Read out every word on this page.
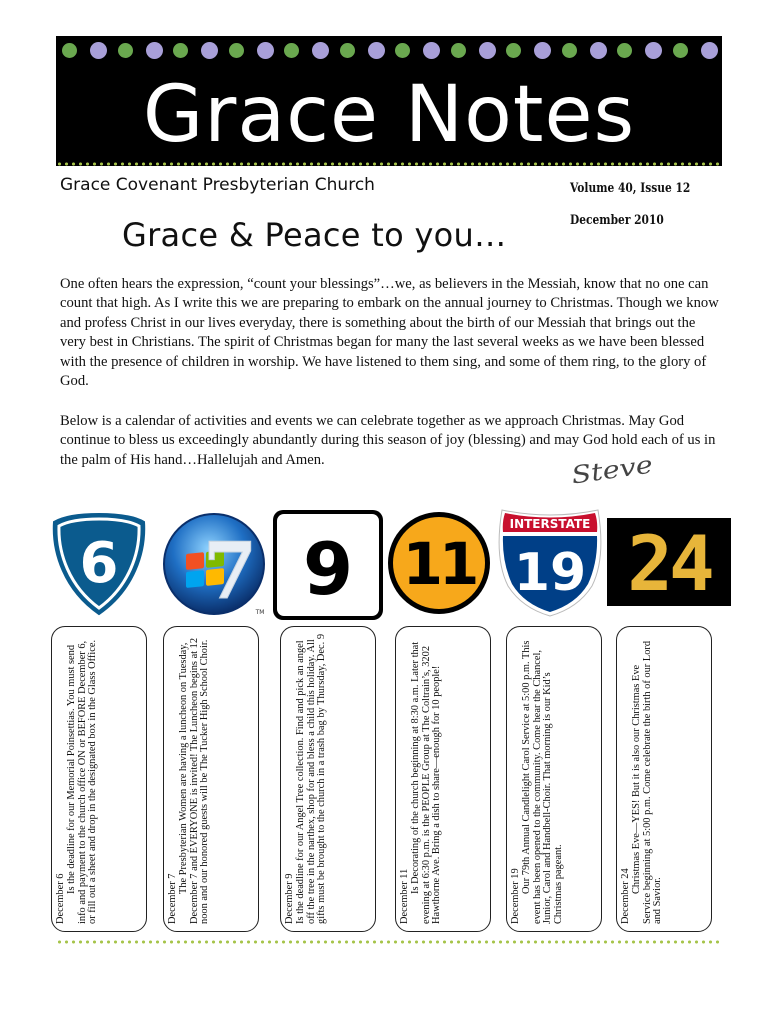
Grace Notes
Grace Covenant Presbyterian Church	Volume 40, Issue 12
December 2010
Grace & Peace to you…

One often hears the expression, “count your blessings”…we, as believers in the Messiah, know that no one can count that high. As I write this we are preparing to embark on the annual journey to Christmas. Though we know and profess Christ in our lives everyday, there is something about the birth of our Messiah that brings out the very best in Christians. The spirit of Christmas began for many the last several weeks as we have been blessed with the presence of children in worship. We have listened to them sing, and some of them ring, to the glory of God.

Below is a calendar of activities and events we can celebrate together as we approach Christmas. May God continue to bless us exceedingly abundantly during this season of joy (blessing) and may God hold each of us in the palm of His hand…Hallelujah and Amen.	Steve
6 7
TM
9 11
INTERSTATE
19 24
December 6
Is the deadline for our Memorial Poinsettias. You must send info and payment to the church office ON or BEFORE December 6, or fill out a sheet and drop in the designated box in the Glass Office.	December 7
The Presbyterian Women are having a luncheon on Tuesday, December 7 and EVERYONE is invited! The Luncheon begins at 12 noon and our honored guests will be The Tucker High School Choir.	December 9 Is the deadline for our Angel Tree collection. Find and pick an angel off the tree in the narthex, shop for and bless a child this holiday. All gifts must be brought to the church in a trash bag by Thursday, Dec. 9	December 11
Is Decorating of the church beginning at 8:30 a.m. Later that evening at 6:30 p.m. is the PEOPLE Group at The Coltrain’s, 3202 Hawthorne Ave. Bring a dish to share—enough for 10 people!	December 19
Our 79th Annual Candlelight Carol Service at 5:00 p.m. This event has been opened to the community. Come hear the Chancel, Junior, Carol and Handbell-Choir. That morning is our Kid’s Christmas pageant.	December 24
Christmas Eve—YES! But it is also our Christmas Eve Service beginning at 5:00 p.m. Come celebrate the birth of our Lord and Savior.
